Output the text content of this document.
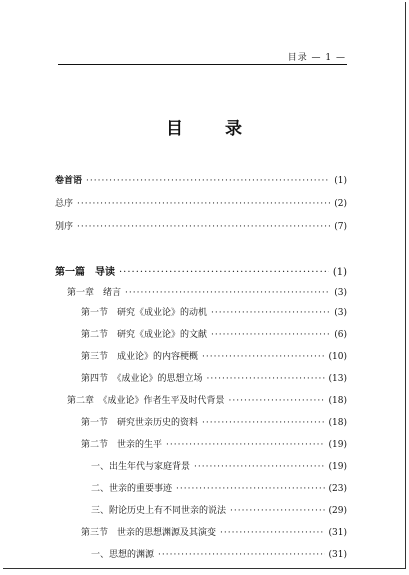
目录 — 1 —
目 录
卷首语 ·····	(1)
总序 ·····	(2)
别序 ·····	(7)
第一篇　导读 ·····	(1)
第一章　绪言 ·····	(3)
第一节　研究《成业论》的动机 ·····	(3)
第二节　研究《成业论》的文献 ·····	(6)
第三节　成业论》的内容梗概 ·····	(10)
第四节　《成业论》的思想立场 ·····	(13)
第二章　《成业论》作者生平及时代背景 ·····	(18)
第一节　研究世亲历史的资料 ·····	(18)
第二节　世亲的生平 ·····	(19)
一、出生年代与家庭背景 ·····	(19)
二、世亲的重要事迹 ·····	(23)
三、附论历史上有不同世亲的说法 ·····	(29)
第三节　世亲的思想渊源及其演变 ·····	(31)
一、思想的渊源 ·····	(31)
